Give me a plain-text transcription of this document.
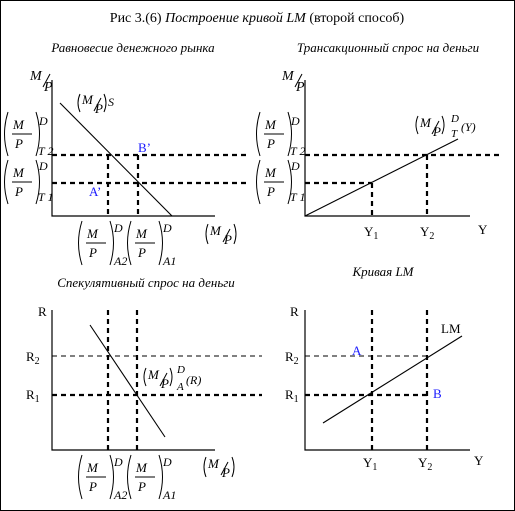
Рис 3.(6) Построение кривой LM (второй способ)
Равновесие денежного рынка
M
P
M
P S
B’
A’
M
P
D
T 2
M
P
D
T 1
M
P
D
A2
M
P
D
A1
M
P
Трансакционный спрос на деньги
M
P
M
P
D
T (Y)
M
P
D
T 2
M
P
D
T 1
$Y_1$	$Y_2$	Y
Спекулятивный спрос на деньги
R
$R_2$
$R_1$
M
P
D
A (R)
M
P
D
A2
M
P
D
A1
M
P
Кривая LM
R
$R_2$
$R_1$
LM
A
B
$Y_1$	$Y_2$	Y
